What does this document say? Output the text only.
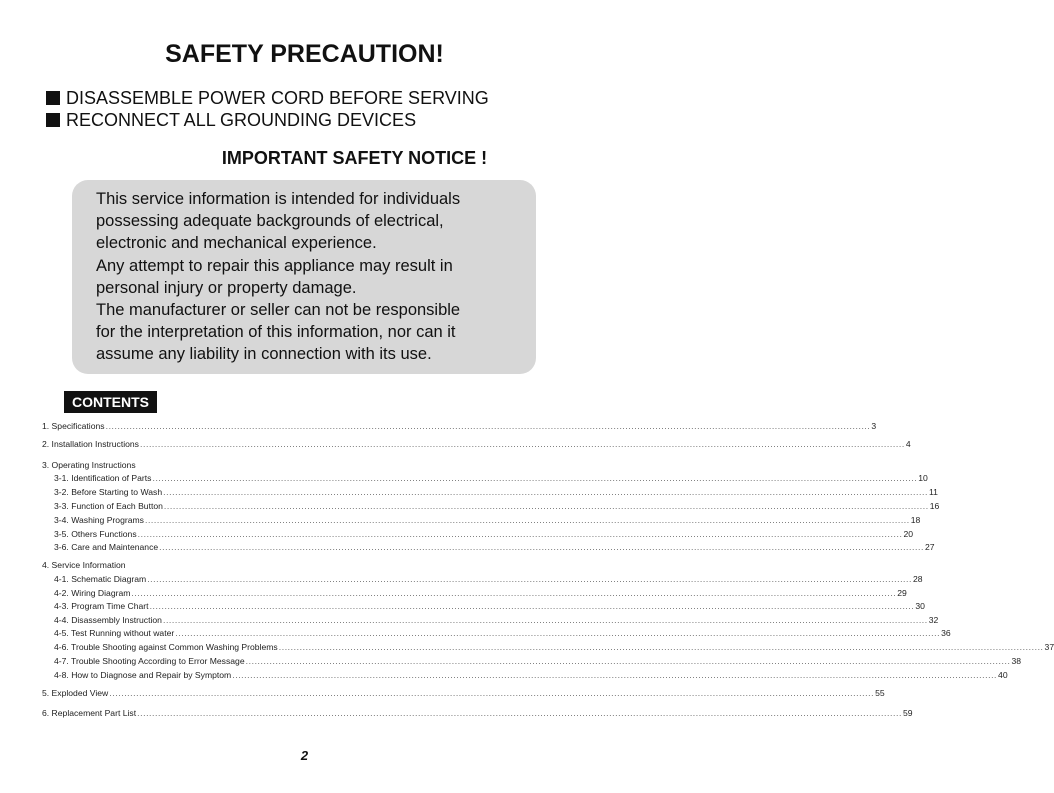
SAFETY PRECAUTION!
DISASSEMBLE POWER CORD BEFORE SERVING
RECONNECT ALL GROUNDING DEVICES
IMPORTANT SAFETY NOTICE !
This service information is intended for individuals
possessing adequate backgrounds of electrical,
electronic and mechanical experience.
Any attempt to repair this appliance may result in
personal injury or property damage.
The manufacturer or seller can not be responsible
for the interpretation of this information, nor can it
assume any liability in connection with its use.
CONTENTS
1. Specifications ................................................................................................................................................................................................................................................................ 3
2. Installation Instructions ................................................................................................................................................................................................................................................................ 4
3. Operating Instructions
3-1. Identification of Parts ................................................................................................................................................................................................................................................................ 10
3-2. Before Starting to Wash ................................................................................................................................................................................................................................................................ 11
3-3. Function of Each Button ................................................................................................................................................................................................................................................................ 16
3-4. Washing Programs ................................................................................................................................................................................................................................................................ 18
3-5. Others Functions ................................................................................................................................................................................................................................................................ 20
3-6. Care and Maintenance ................................................................................................................................................................................................................................................................ 27
4. Service Information
4-1. Schematic Diagram ................................................................................................................................................................................................................................................................ 28
4-2. Wiring Diagram ................................................................................................................................................................................................................................................................ 29
4-3. Program Time Chart ................................................................................................................................................................................................................................................................ 30
4-4. Disassembly Instruction ................................................................................................................................................................................................................................................................ 32
4-5. Test Running without water ................................................................................................................................................................................................................................................................ 36
4-6. Trouble Shooting against Common Washing Problems ................................................................................................................................................................................................................................................................ 37
4-7. Trouble Shooting According to Error Message ................................................................................................................................................................................................................................................................ 38
4-8. How to Diagnose and Repair by Symptom ................................................................................................................................................................................................................................................................ 40
5. Exploded View ................................................................................................................................................................................................................................................................ 55
6. Replacement Part List ................................................................................................................................................................................................................................................................ 59
2
